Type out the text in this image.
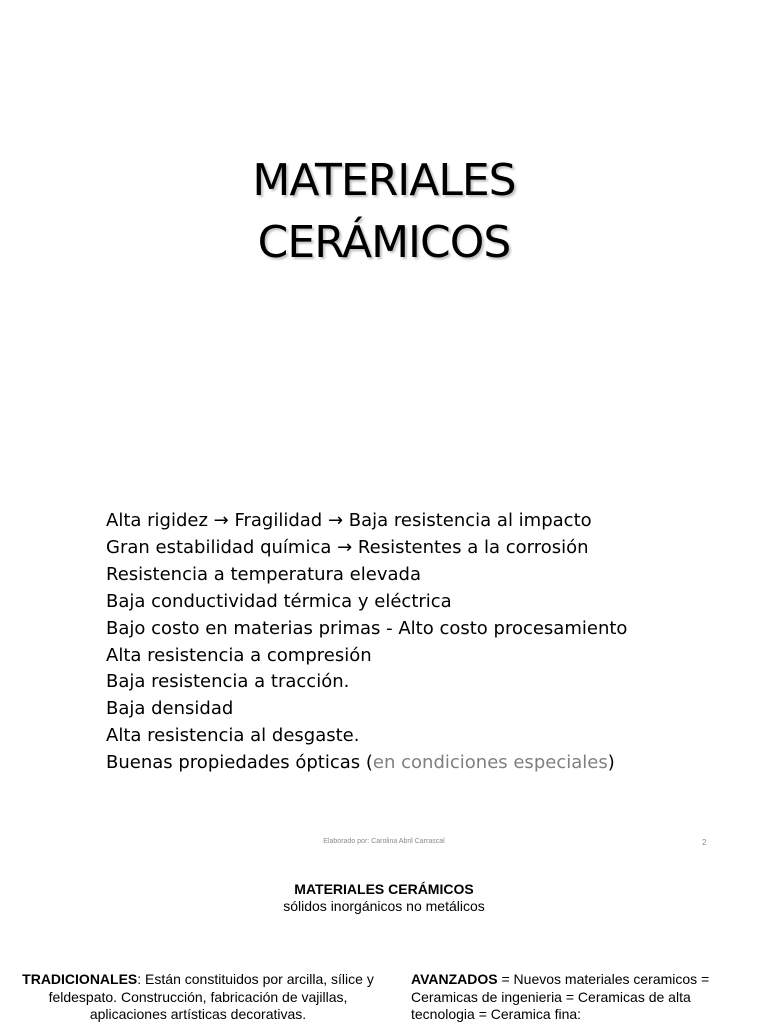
MATERIALES
CERÁMICOS
Alta rigidez → Fragilidad → Baja resistencia al impacto
Gran estabilidad química → Resistentes a la corrosión
Resistencia a temperatura elevada
Baja conductividad térmica y eléctrica
Bajo costo en materias primas - Alto costo procesamiento
Alta resistencia a compresión
Baja resistencia a tracción.
Baja densidad
Alta resistencia al desgaste.
Buenas propiedades ópticas (en condiciones especiales)
Elaborado por: Carolina Abril Carrascal	2
MATERIALES CERÁMICOS
sólidos inorgánicos no metálicos
TRADICIONALES: Están constituidos por arcilla, sílice y feldespato. Construcción, fabricación de vajillas, aplicaciones artísticas decorativas.
AVANZADOS = Nuevos materiales ceramicos = Ceramicas de ingenieria = Ceramicas de alta tecnologia = Ceramica fina:
